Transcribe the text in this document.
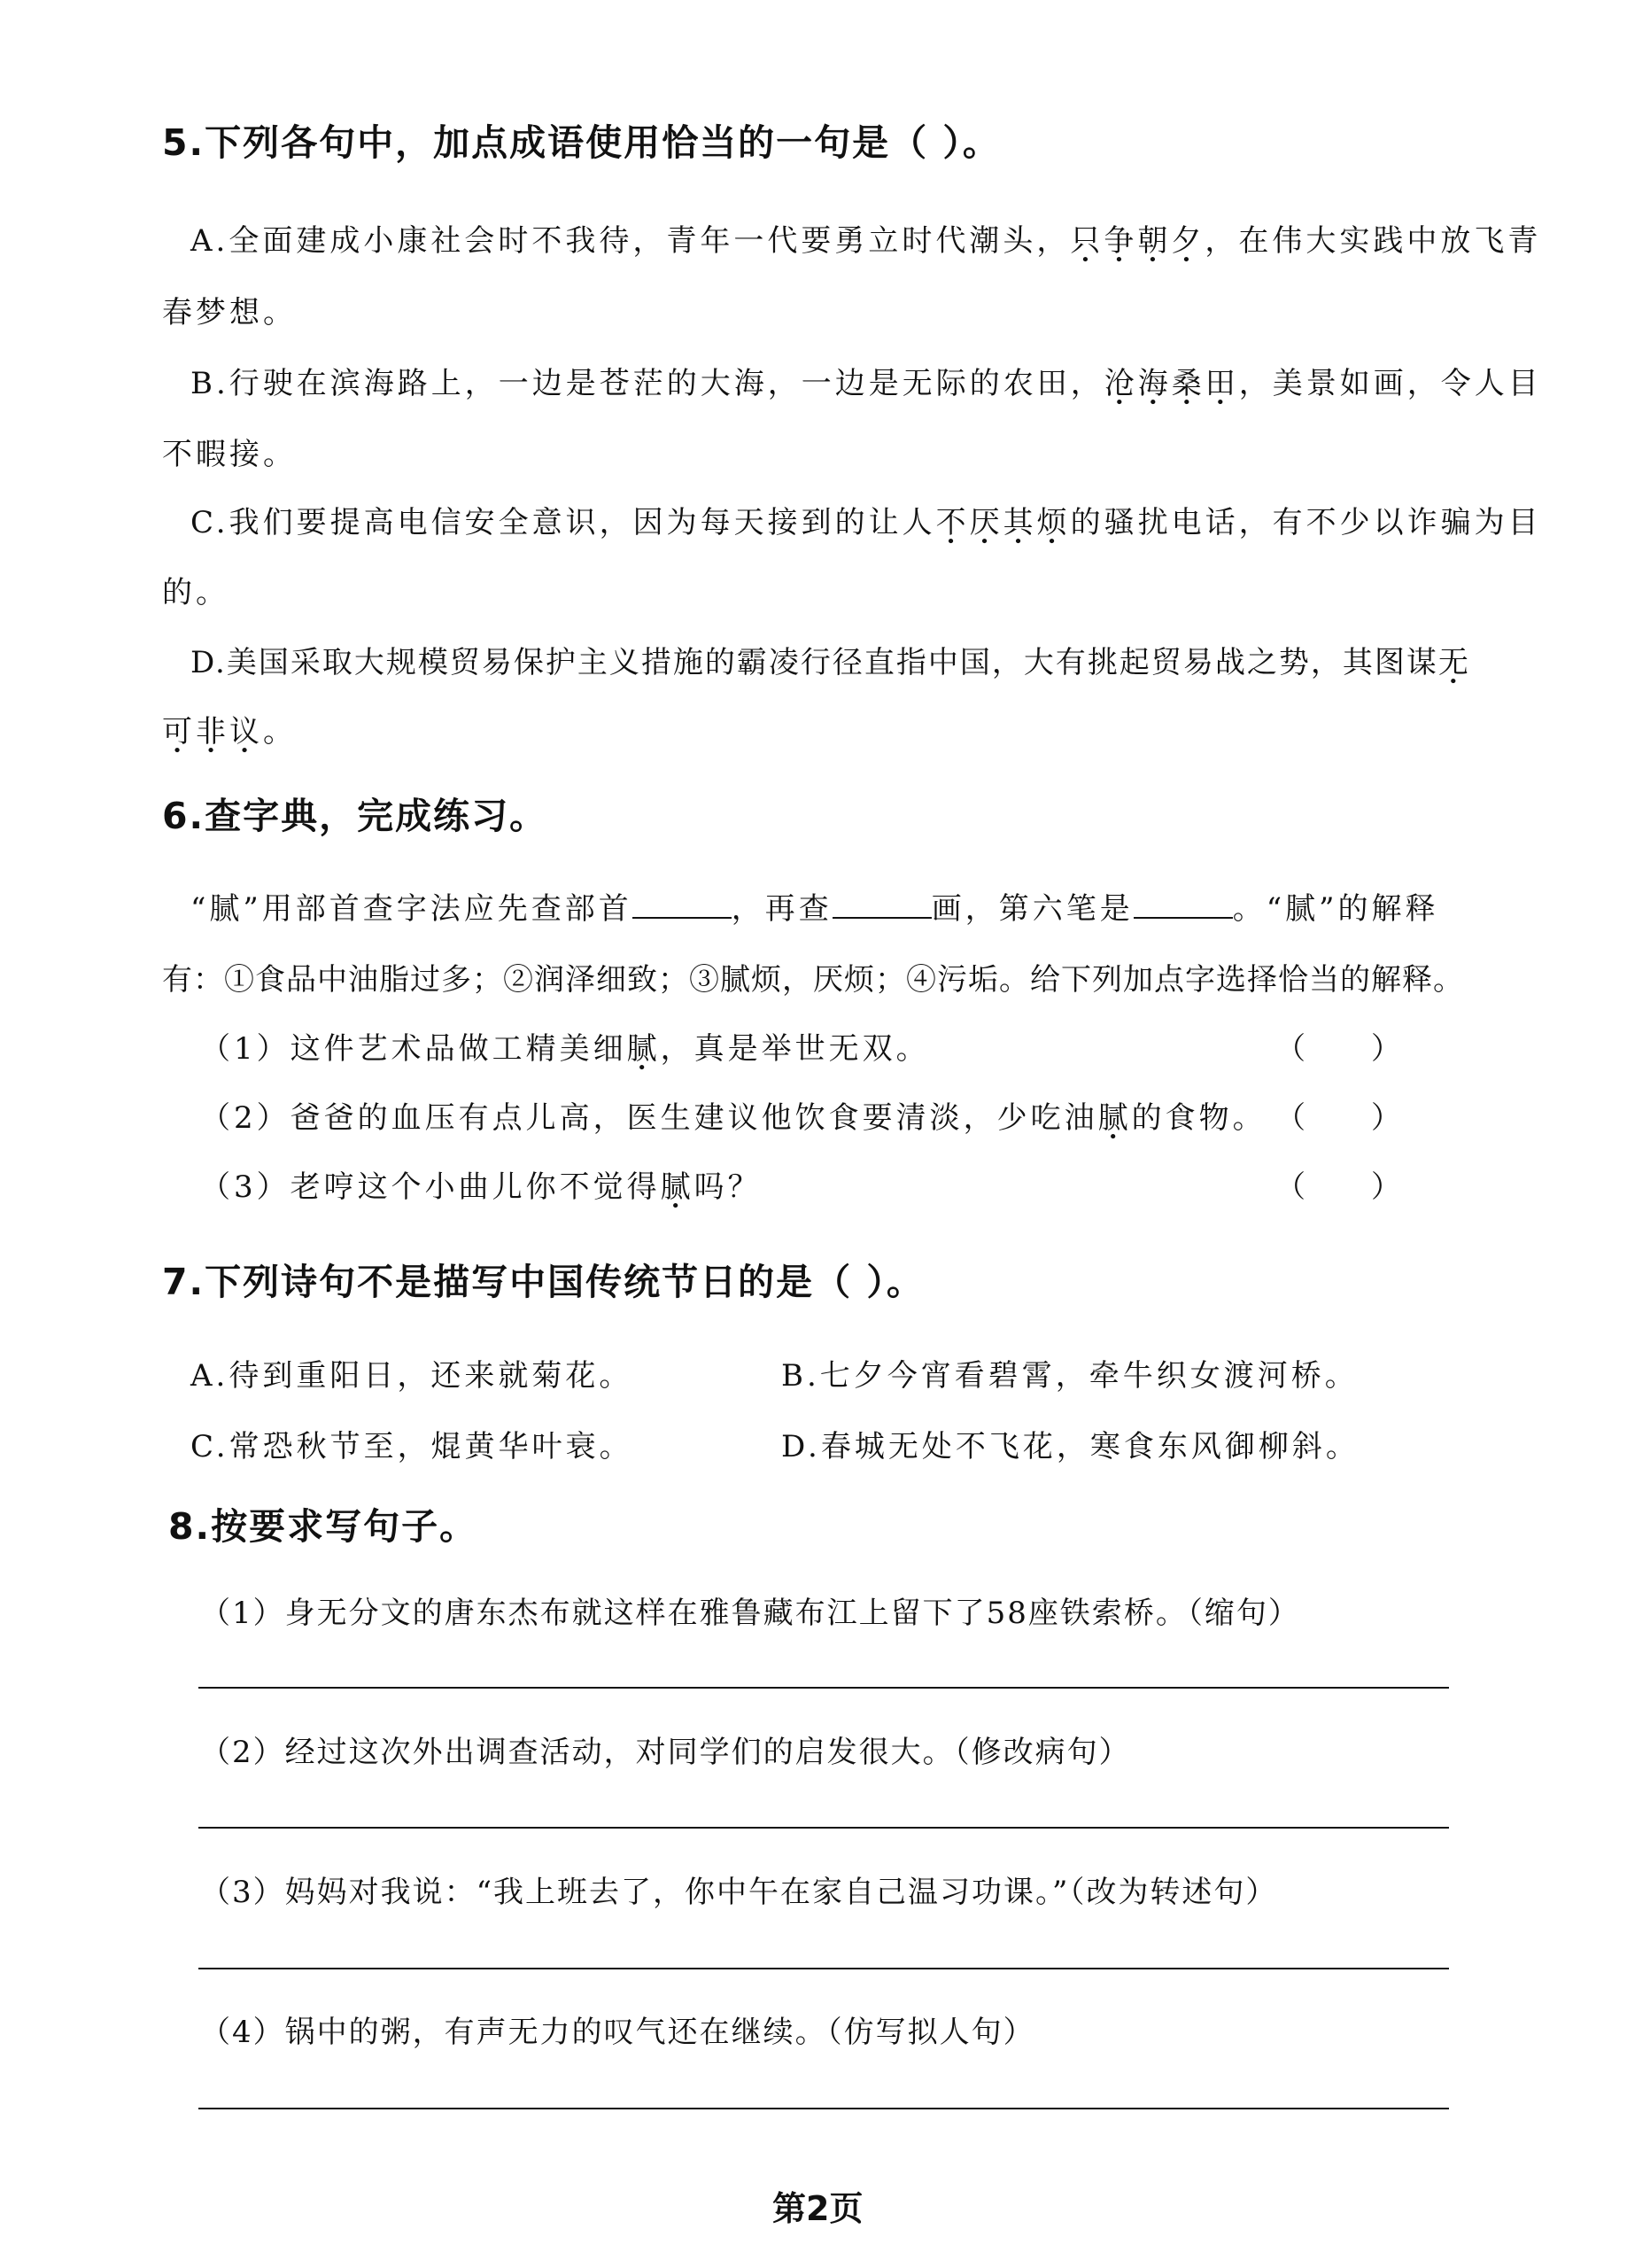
5.下列各句中，加点成语使用恰当的一句是（ ）。
A.全面建成小康社会时不我待，青年一代要勇立时代潮头，只争朝夕，在伟大实践中放飞青
春梦想。
B.行驶在滨海路上，一边是苍茫的大海，一边是无际的农田，沧海桑田，美景如画，令人目
不暇接。
C.我们要提高电信安全意识，因为每天接到的让人不厌其烦的骚扰电话，有不少以诈骗为目
的。
D.美国采取大规模贸易保护主义措施的霸凌行径直指中国，大有挑起贸易战之势，其图谋无
可非议。
6.查字典，完成练习。
“腻”用部首查字法应先查部首	，再查	画，第六笔是	。“腻”的解释
有：①食品中油脂过多；②润泽细致；③腻烦，厌烦；④污垢。给下列加点字选择恰当的解释。
（1）这件艺术品做工精美细腻，真是举世无双。	（ ）
（2）爸爸的血压有点儿高，医生建议他饮食要清淡，少吃油腻的食物。 （ ）
（3）老哼这个小曲儿你不觉得腻吗？	（ ）
7.下列诗句不是描写中国传统节日的是（ ）。
A.待到重阳日，还来就菊花。	B.七夕今宵看碧霄，牵牛织女渡河桥。
C.常恐秋节至，焜黄华叶衰。	D.春城无处不飞花，寒食东风御柳斜。
8.按要求写句子。
（1）身无分文的唐东杰布就这样在雅鲁藏布江上留下了58座铁索桥。（缩句）
（2）经过这次外出调查活动，对同学们的启发很大。（修改病句）
（3）妈妈对我说：“我上班去了，你中午在家自己温习功课。”（改为转述句）
（4）锅中的粥，有声无力的叹气还在继续。（仿写拟人句）
第2页
